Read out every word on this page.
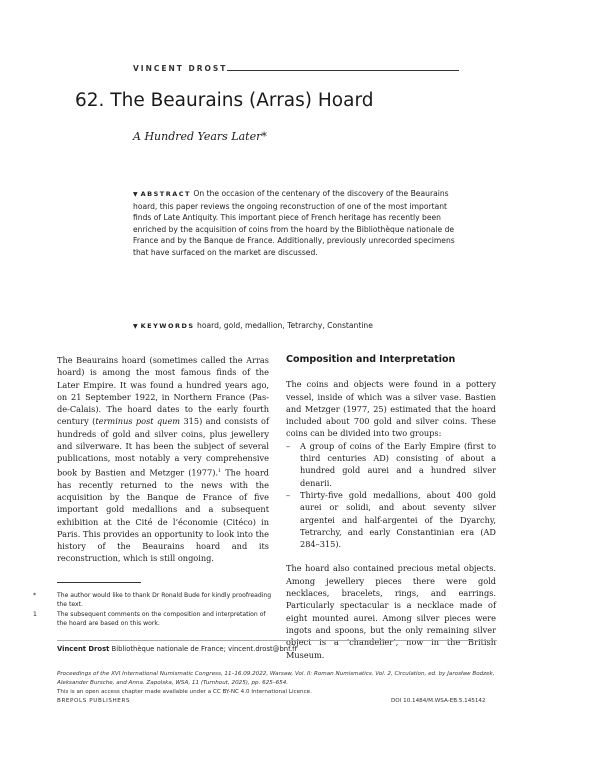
VINCENT DROST
62. The Beaurains (Arras) Hoard
A Hundred Years Later*
▼ ABSTRACT On the occasion of the centenary of the discovery of the Beaurains hoard, this paper reviews the ongoing reconstruction of one of the most important finds of Late Antiquity. This important piece of French heritage has recently been enriched by the acquisition of coins from the hoard by the Bibliothèque nationale de France and by the Banque de France. Additionally, previously unrecorded specimens that have surfaced on the market are discussed.
▼ KEYWORDS hoard, gold, medallion, Tetrarchy, Constantine

The Beaurains hoard (sometimes called the Arras hoard) is among the most famous finds of the Later Empire. It was found a hundred years ago, on 21 September 1922, in Northern France (Pas-de-Calais). The hoard dates to the early fourth century (terminus post quem 315) and consists of hundreds of gold and silver coins, plus jewellery and silverware. It has been the subject of several publications, most notably a very comprehensive book by Bastien and Metzger (1977).$^1$ The hoard has recently returned to the news with the acquisition by the Banque de France of five important gold medallions and a subsequent exhibition at the Cité de l’économie (Citéco) in Paris. This provides an opportunity to look into the history of the Beaurains hoard and its reconstruction, which is still ongoing.

Composition and Interpretation

The coins and objects were found in a pottery vessel, inside of which was a silver vase. Bastien and Metzger (1977, 25) estimated that the hoard included about 700 gold and silver coins. These coins can be divided into two groups:

– A group of coins of the Early Empire (first to third centuries AD) consisting of about a hundred gold aurei and a hundred silver denarii.
– Thirty-five gold medallions, about 400 gold aurei or solidi, and about seventy silver argentei and half-argentei of the Dyarchy, Tetrarchy, and early Constantinian era (AD 284–315).

The hoard also contained precious metal objects. Among jewellery pieces there were gold necklaces, bracelets, rings, and earrings. Particularly spectacular is a necklace made of eight mounted aurei. Among silver pieces were ingots and spoons, but the only remaining silver object is a ‘chandelier’, now in the British Museum.

*	The author would like to thank Dr Ronald Bude for kindly proofreading the text.
1	The subsequent comments on the composition and interpretation of the hoard are based on this work.
Vincent Drost Bibliothèque nationale de France; vincent.drost@bnf.fr
Proceedings of the XVI International Numismatic Congress, 11–16.09.2022, Warsaw, Vol. II: Roman Numismatics. Vol. 2, Circulation, ed. by Jarosław Bodzek, Aleksander Bursche, and Anna. Zapolska, WSA, 11 (Turnhout, 2025), pp. 625–654.
This is an open access chapter made available under a CC BY-NC 4.0 International Licence.
BREPOLS PUBLISHERS	DOI 10.1484/M.WSA-EB.5.145142
